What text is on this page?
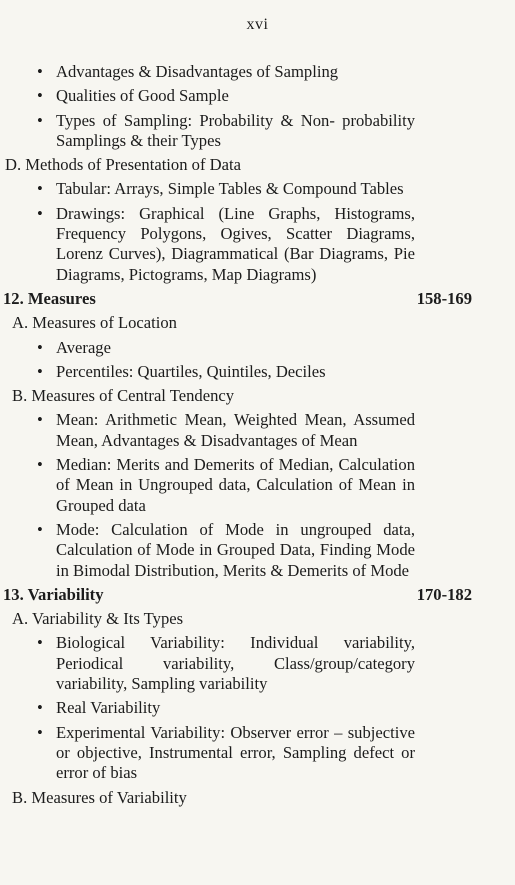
xvi
• Advantages & Disadvantages of Sampling
• Qualities of Good Sample
• Types of Sampling: Probability & Non- probability Samplings & their Types
D. Methods of Presentation of Data
• Tabular: Arrays, Simple Tables & Compound Tables
• Drawings: Graphical (Line Graphs, Histograms, Frequency Polygons, Ogives, Scatter Diagrams, Lorenz Curves), Diagrammatical (Bar Diagrams, Pie Diagrams, Pictograms, Map Diagrams)
12. Measures	158-169
A. Measures of Location
• Average
• Percentiles: Quartiles, Quintiles, Deciles
B. Measures of Central Tendency
• Mean: Arithmetic Mean, Weighted Mean, Assumed Mean, Advantages & Disadvantages of Mean
• Median: Merits and Demerits of Median, Calculation of Mean in Ungrouped data, Calculation of Mean in Grouped data
• Mode: Calculation of Mode in ungrouped data, Calculation of Mode in Grouped Data, Finding Mode in Bimodal Distribution, Merits & Demerits of Mode
13. Variability	170-182
A. Variability & Its Types
• Biological Variability: Individual variability, Periodical variability, Class/group/category variability, Sampling variability
• Real Variability
• Experimental Variability: Observer error – subjective or objective, Instrumental error, Sampling defect or error of bias
B. Measures of Variability
